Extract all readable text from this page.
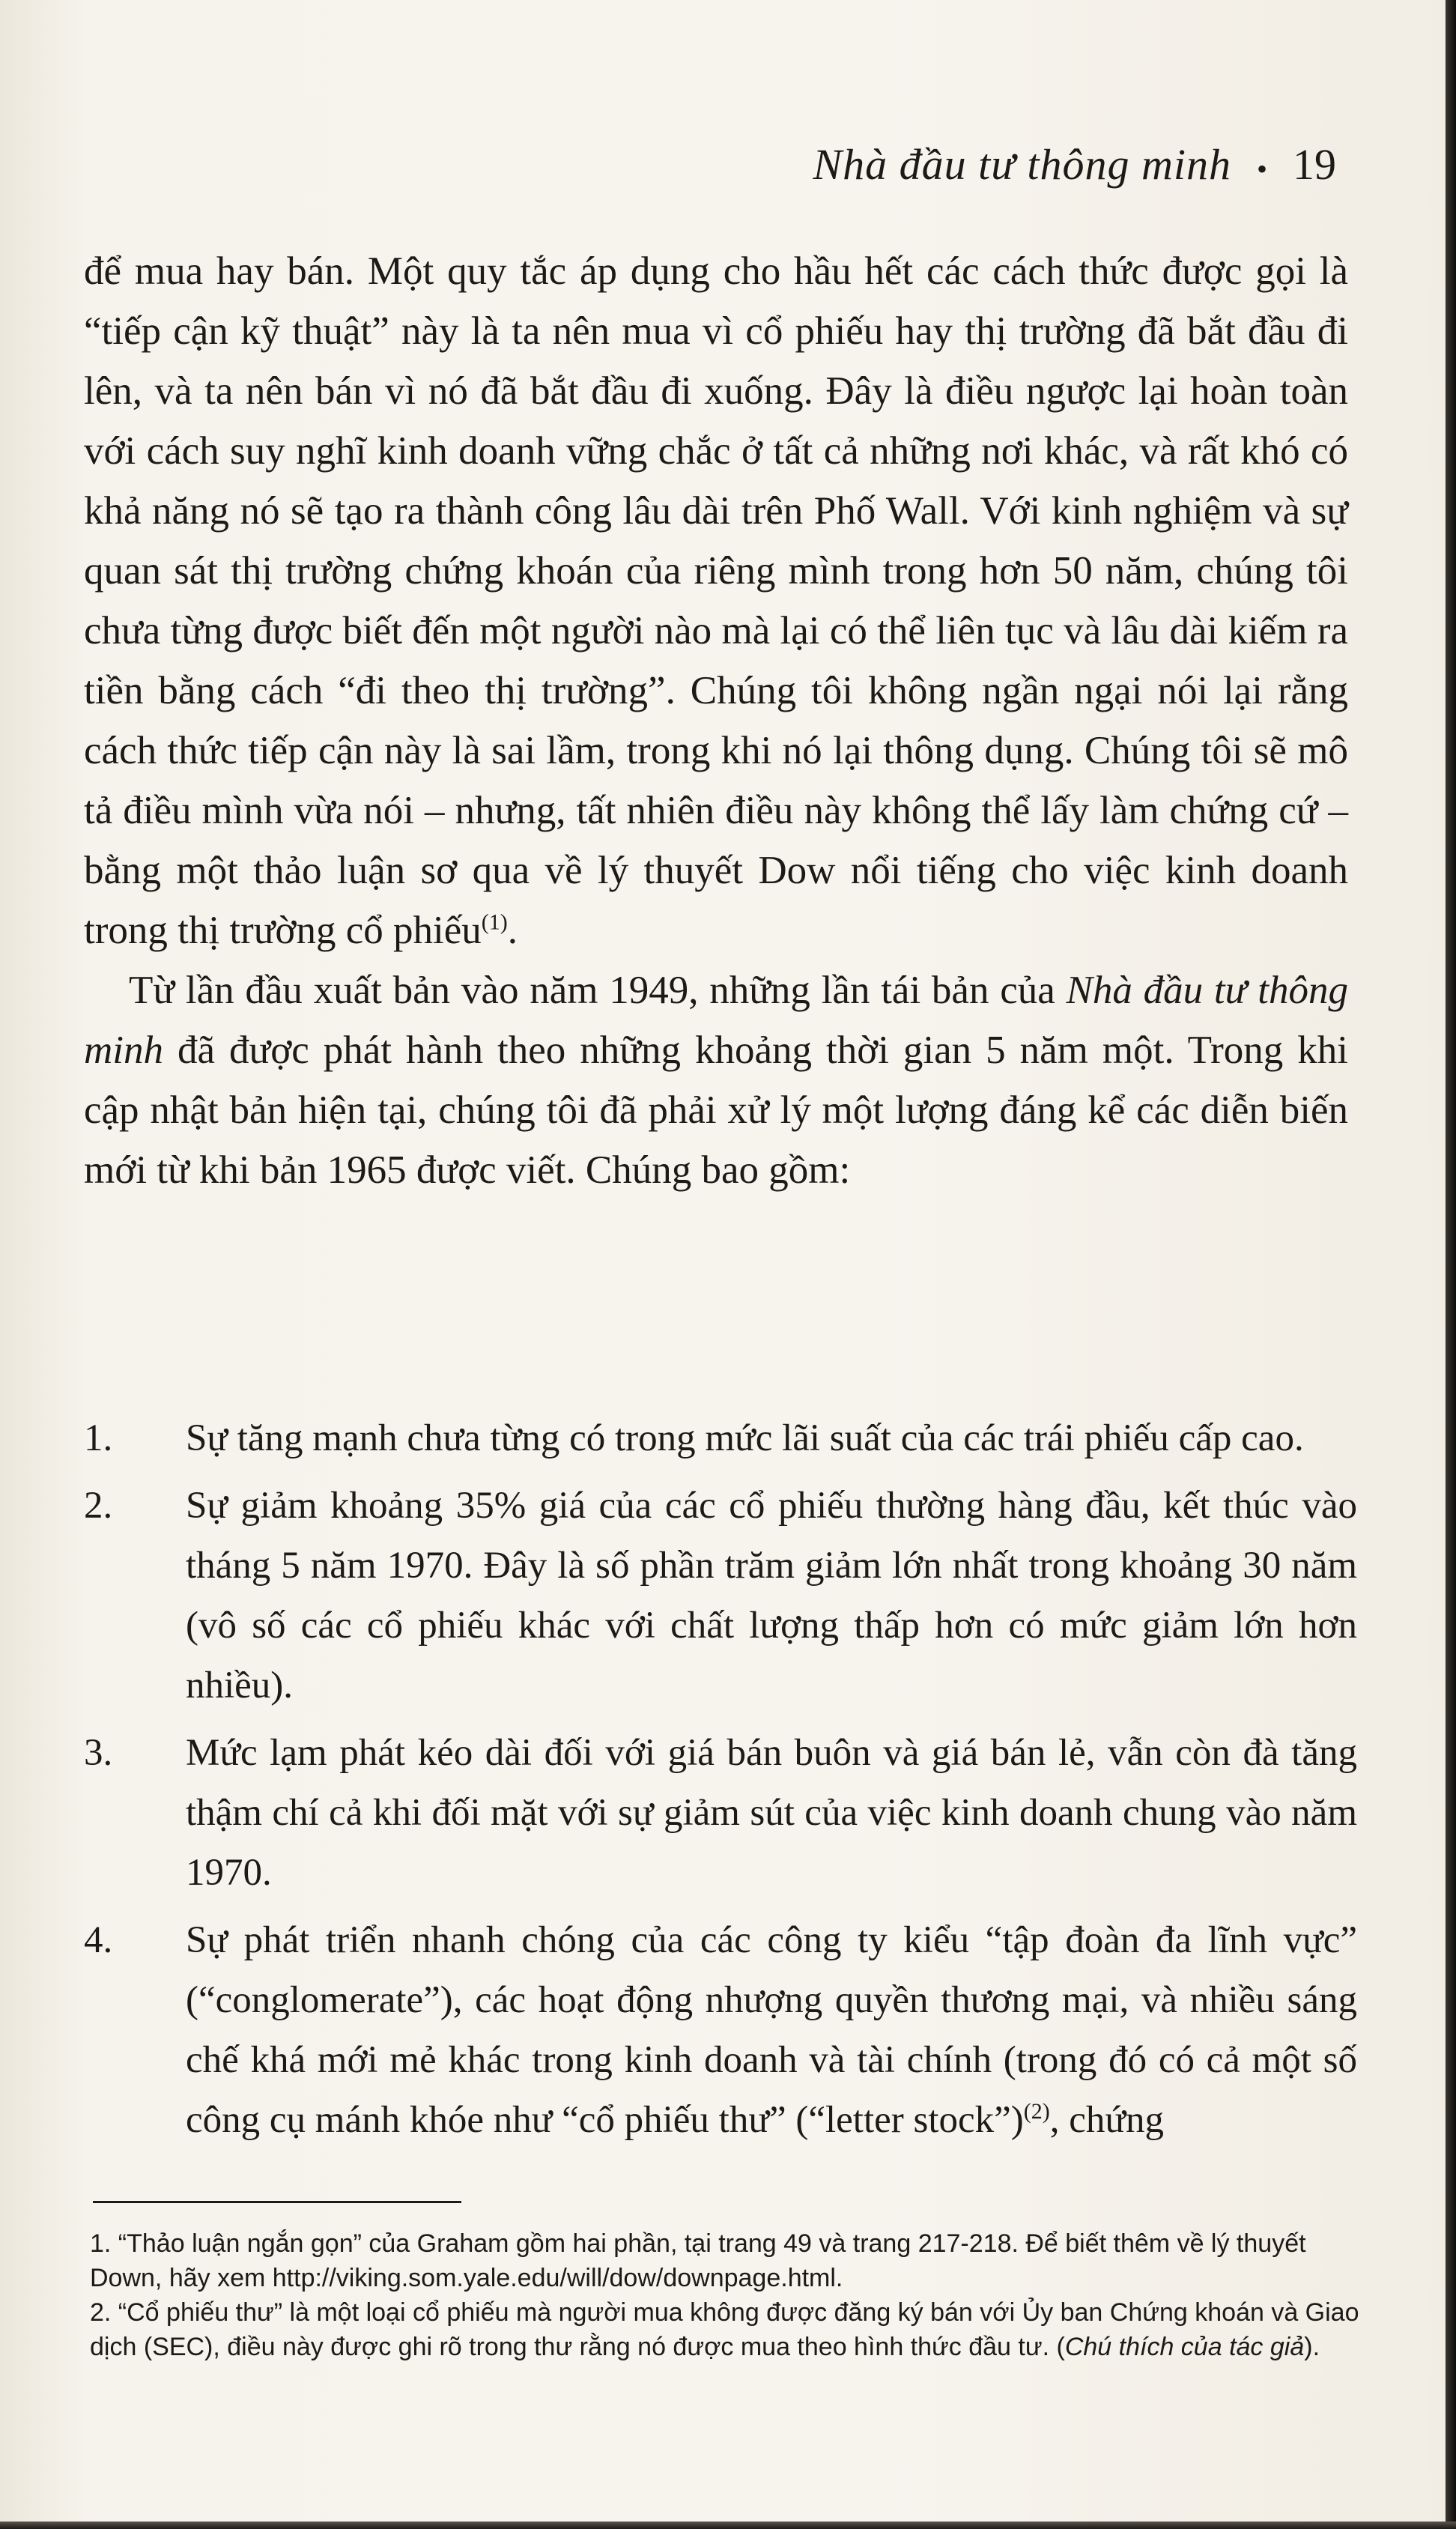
Nhà đầu tư thông minh • 19

để mua hay bán. Một quy tắc áp dụng cho hầu hết các cách thức được gọi là “tiếp cận kỹ thuật” này là ta nên mua vì cổ phiếu hay thị trường đã bắt đầu đi lên, và ta nên bán vì nó đã bắt đầu đi xuống. Đây là điều ngược lại hoàn toàn với cách suy nghĩ kinh doanh vững chắc ở tất cả những nơi khác, và rất khó có khả năng nó sẽ tạo ra thành công lâu dài trên Phố Wall. Với kinh nghiệm và sự quan sát thị trường chứng khoán của riêng mình trong hơn 50 năm, chúng tôi chưa từng được biết đến một người nào mà lại có thể liên tục và lâu dài kiếm ra tiền bằng cách “đi theo thị trường”. Chúng tôi không ngần ngại nói lại rằng cách thức tiếp cận này là sai lầm, trong khi nó lại thông dụng. Chúng tôi sẽ mô tả điều mình vừa nói – nhưng, tất nhiên điều này không thể lấy làm chứng cứ – bằng một thảo luận sơ qua về lý thuyết Dow nổi tiếng cho việc kinh doanh trong thị trường cổ phiếu$^{(1)}$.

Từ lần đầu xuất bản vào năm 1949, những lần tái bản của Nhà đầu tư thông minh đã được phát hành theo những khoảng thời gian 5 năm một. Trong khi cập nhật bản hiện tại, chúng tôi đã phải xử lý một lượng đáng kể các diễn biến mới từ khi bản 1965 được viết. Chúng bao gồm:

1.	Sự tăng mạnh chưa từng có trong mức lãi suất của các trái phiếu cấp cao.
2.	Sự giảm khoảng 35% giá của các cổ phiếu thường hàng đầu, kết thúc vào tháng 5 năm 1970. Đây là số phần trăm giảm lớn nhất trong khoảng 30 năm (vô số các cổ phiếu khác với chất lượng thấp hơn có mức giảm lớn hơn nhiều).
3.	Mức lạm phát kéo dài đối với giá bán buôn và giá bán lẻ, vẫn còn đà tăng thậm chí cả khi đối mặt với sự giảm sút của việc kinh doanh chung vào năm 1970.
4.	Sự phát triển nhanh chóng của các công ty kiểu “tập đoàn đa lĩnh vực” (“conglomerate”), các hoạt động nhượng quyền thương mại, và nhiều sáng chế khá mới mẻ khác trong kinh doanh và tài chính (trong đó có cả một số công cụ mánh khóe như “cổ phiếu thư” (“letter stock”)$^{(2)}$, chứng

1. “Thảo luận ngắn gọn” của Graham gồm hai phần, tại trang 49 và trang 217-218. Để biết thêm về lý thuyết Down, hãy xem http://viking.som.yale.edu/will/dow/downpage.html.

2. “Cổ phiếu thư” là một loại cổ phiếu mà người mua không được đăng ký bán với Ủy ban Chứng khoán và Giao dịch (SEC), điều này được ghi rõ trong thư rằng nó được mua theo hình thức đầu tư. (Chú thích của tác giả).
